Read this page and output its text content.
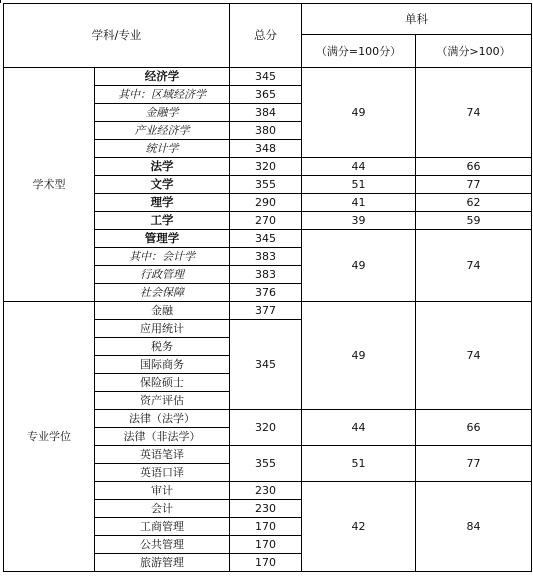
学科/专业		总分	单科	
			（满分=100分）	（满分>100）
学术型	经济学	345	49	74
	其中：区域经济学	365		
	金融学	384		
	产业经济学	380		
	统计学	348		
	法学	320	44	66
	文学	355	51	77
	理学	290	41	62
	工学	270	39	59
	管理学	345	49	74
	其中：会计学	383		
	行政管理	383		
	社会保障	376		
专业学位	金融	377	49	74
	应用统计	345		
	税务			
	国际商务			
	保险硕士			
	资产评估			
	法律（法学）	320	44	66
	法律（非法学）			
	英语笔译	355	51	77
	英语口译			
	审计	230	42	84
	会计	230		
	工商管理	170		
	公共管理	170		
	旅游管理	170		
